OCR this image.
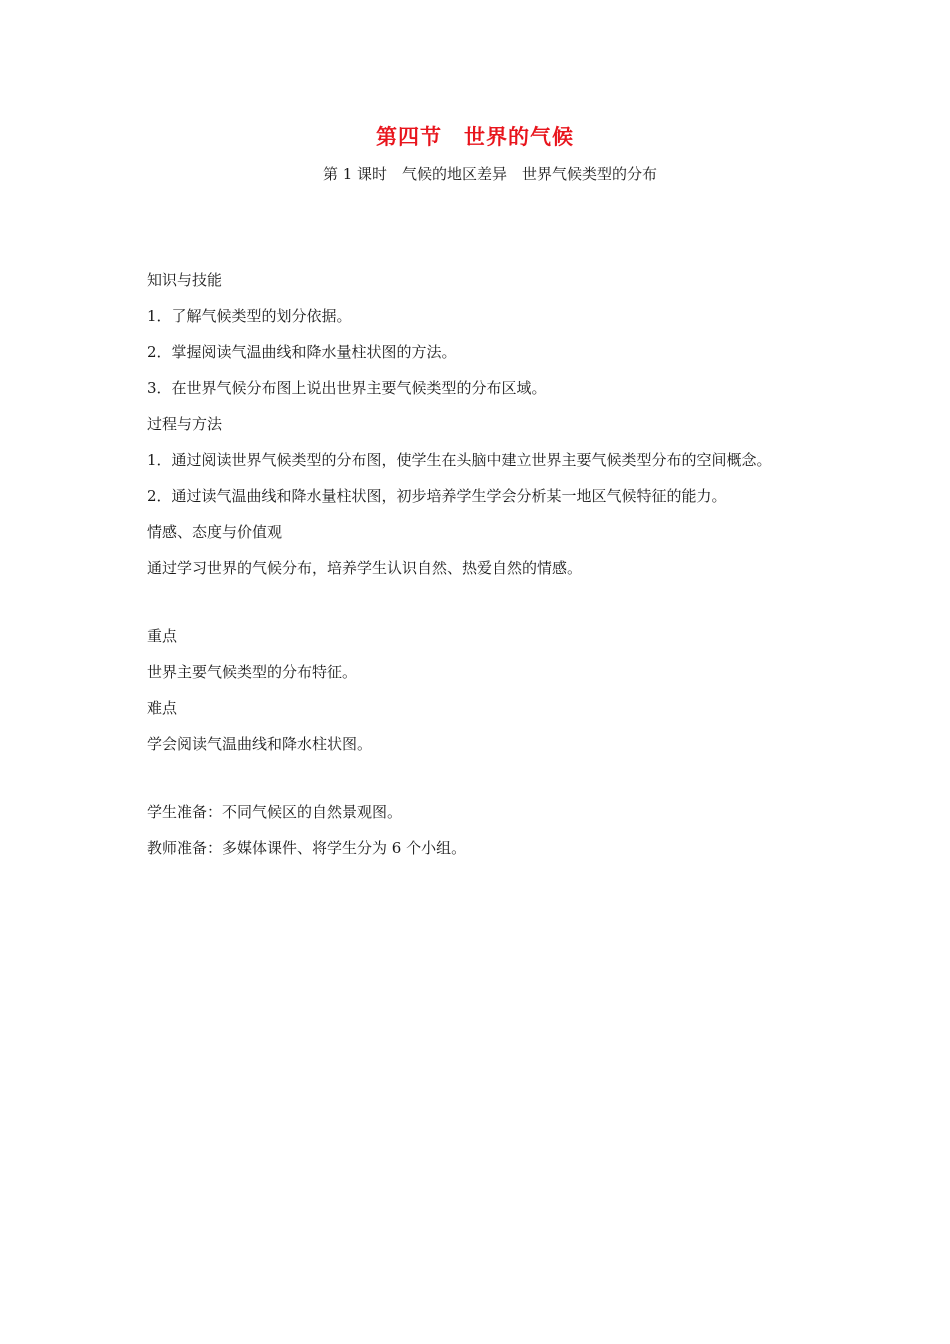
第四节　世界的气候
第 1 课时　气候的地区差异　世界气候类型的分布
知识与技能
1．了解气候类型的划分依据。
2．掌握阅读气温曲线和降水量柱状图的方法。
3．在世界气候分布图上说出世界主要气候类型的分布区域。
过程与方法
1．通过阅读世界气候类型的分布图，使学生在头脑中建立世界主要气候类型分布的空间概念。
2．通过读气温曲线和降水量柱状图，初步培养学生学会分析某一地区气候特征的能力。
情感、态度与价值观
通过学习世界的气候分布，培养学生认识自然、热爱自然的情感。
重点
世界主要气候类型的分布特征。
难点
学会阅读气温曲线和降水柱状图。
学生准备：不同气候区的自然景观图。
教师准备：多媒体课件、将学生分为 6 个小组。
